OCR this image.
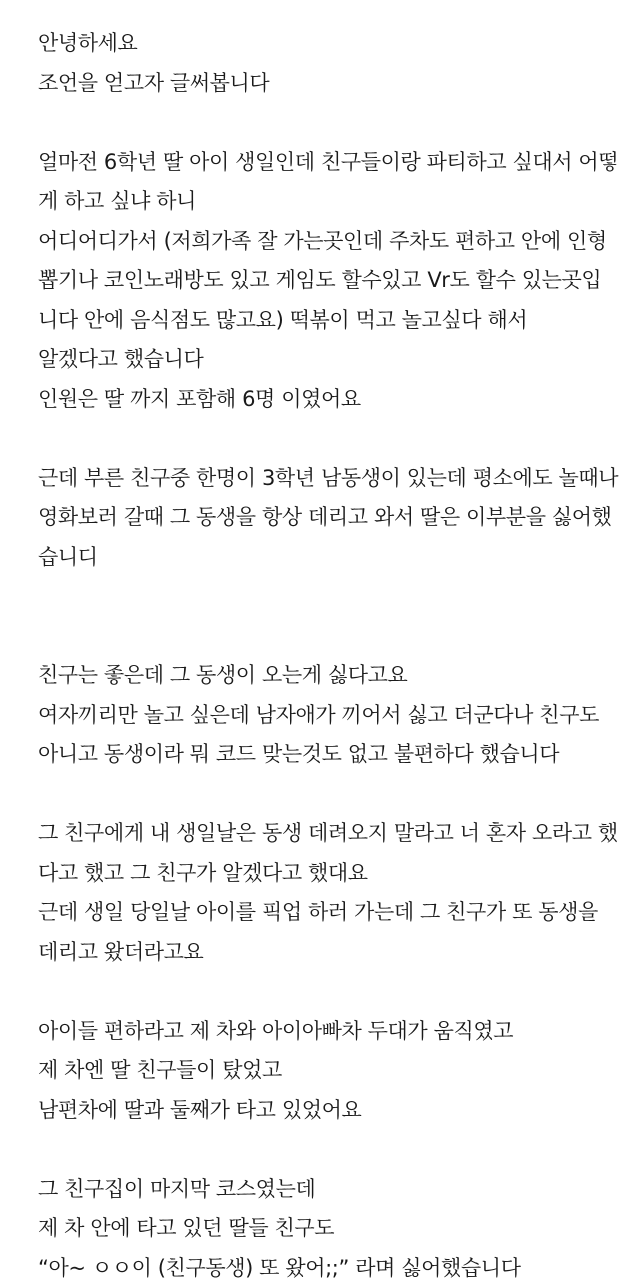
안녕하세요
조언을 얻고자 글써봅니다
얼마전 6학년 딸 아이 생일인데 친구들이랑 파티하고 싶대서 어떻
게 하고 싶냐 하니
어디어디가서 (저희가족 잘 가는곳인데 주차도 편하고 안에 인형
뽑기나 코인노래방도 있고 게임도 할수있고 Vr도 할수 있는곳입
니다 안에 음식점도 많고요) 떡볶이 먹고 놀고싶다 해서
알겠다고 했습니다
인원은 딸 까지 포함해 6명 이였어요
근데 부른 친구중 한명이 3학년 남동생이 있는데 평소에도 놀때나
영화보러 갈때 그 동생을 항상 데리고 와서 딸은 이부분을 싫어했
습니디
친구는 좋은데 그 동생이 오는게 싫다고요
여자끼리만 놀고 싶은데 남자애가 끼어서 싫고 더군다나 친구도
아니고 동생이라 뭐 코드 맞는것도 없고 불편하다 했습니다
그 친구에게 내 생일날은 동생 데려오지 말라고 너 혼자 오라고 했
다고 했고 그 친구가 알겠다고 했대요
근데 생일 당일날 아이를 픽업 하러 가는데 그 친구가 또 동생을
데리고 왔더라고요
아이들 편하라고 제 차와 아이아빠차 두대가 움직였고
제 차엔 딸 친구들이 탔었고
남편차에 딸과 둘째가 타고 있었어요
그 친구집이 마지막 코스였는데
제 차 안에 타고 있던 딸들 친구도
“아~ ㅇㅇ이 (친구동생) 또 왔어;;” 라며 싫어했습니다
